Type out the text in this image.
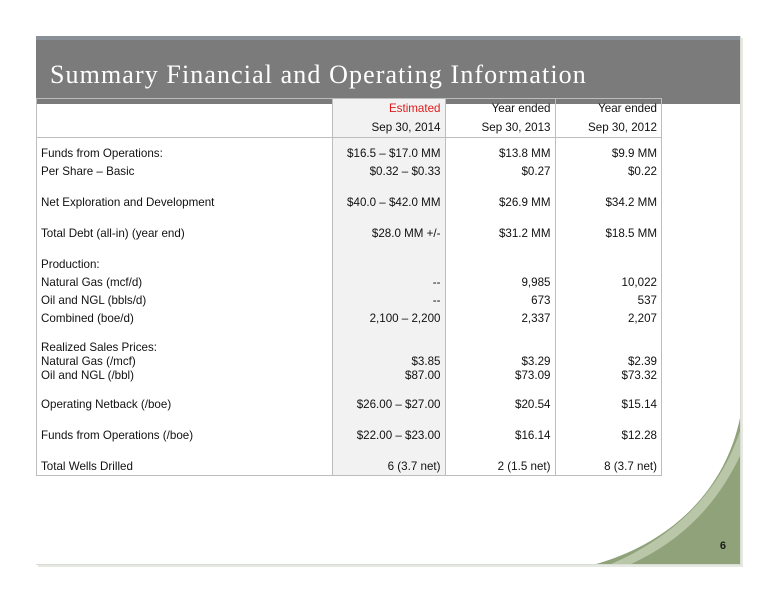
Summary Financial and Operating Information
6
	Estimated	Year ended	Year ended
	Sep 30, 2014	Sep 30, 2013	Sep 30, 2012

Funds from Operations:	$16.5 – $17.0 MM	$13.8 MM	$9.9 MM
Per Share – Basic	$0.32 – $0.33	$0.27	$0.22

Net Exploration and Development	$40.0 – $42.0 MM	$26.9 MM	$34.2 MM

Total Debt (all-in) (year end)	$28.0 MM +/-	$31.2 MM	$18.5 MM

Production:			
Natural Gas (mcf/d)	--	9,985	10,022
Oil and NGL (bbls/d)	--	673	537
Combined (boe/d)	2,100 – 2,200	2,337	2,207

Realized Sales Prices:			
Natural Gas (/mcf)	$3.85	$3.29	$2.39
Oil and NGL (/bbl)	$87.00	$73.09	$73.32

Operating Netback (/boe)	$26.00 – $27.00	$20.54	$15.14

Funds from Operations (/boe)	$22.00 – $23.00	$16.14	$12.28

Total Wells Drilled	6 (3.7 net)	2 (1.5 net)	8 (3.7 net)
